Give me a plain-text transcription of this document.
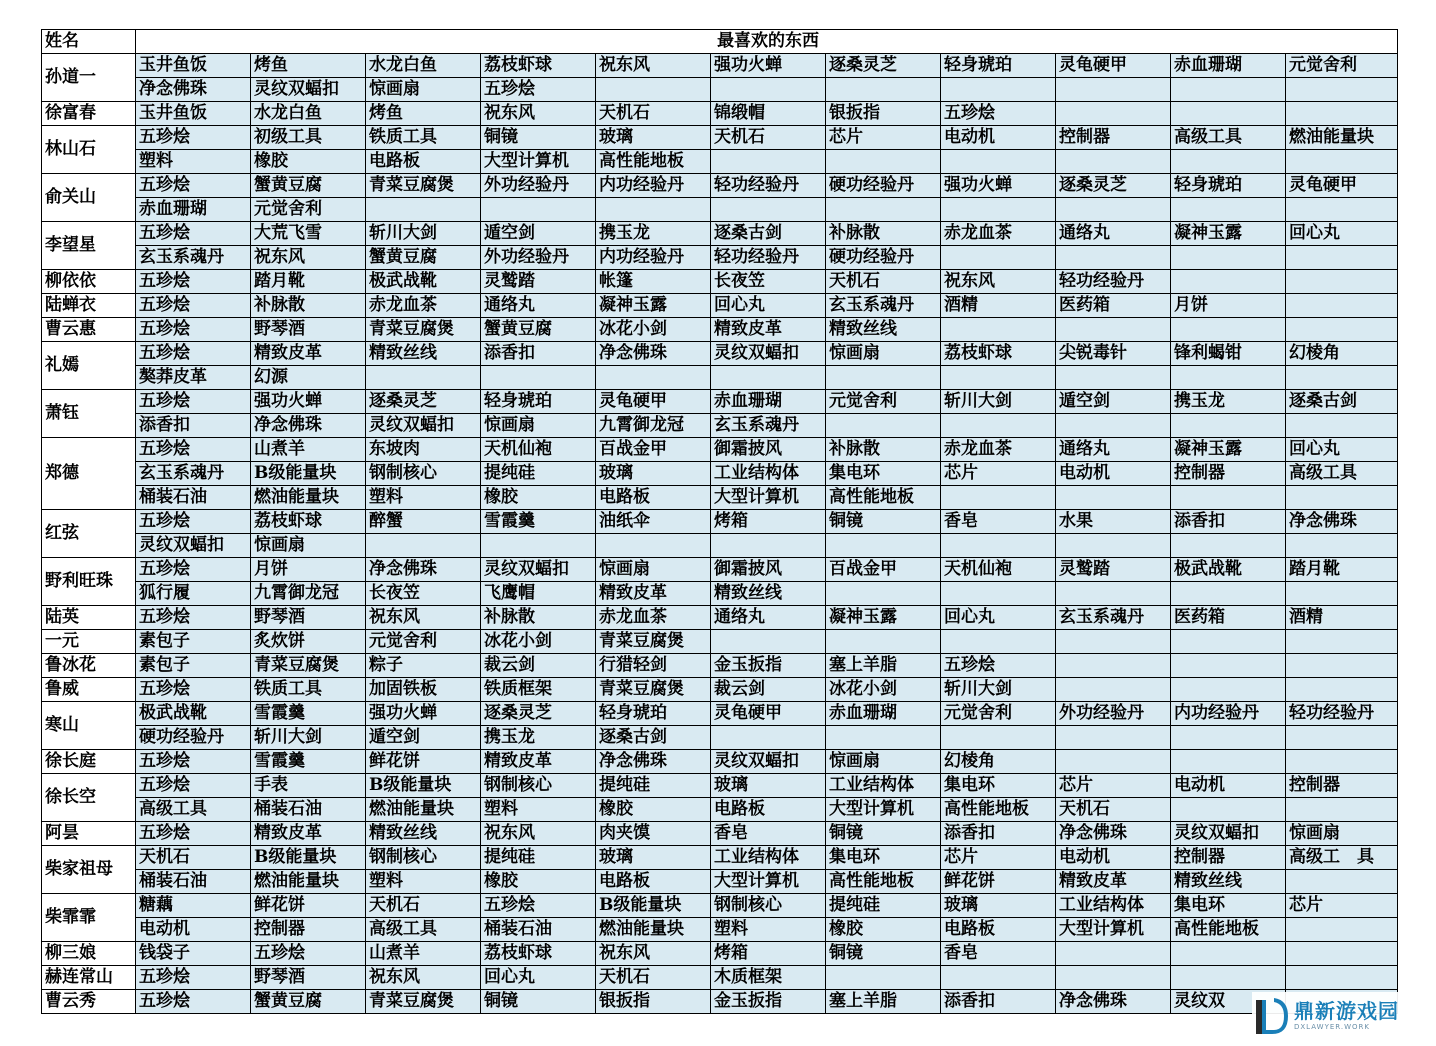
姓名	最喜欢的东西										
孙道一	玉井鱼饭	烤鱼	水龙白鱼	荔枝虾球	祝东风	强功火蝉	逐桑灵芝	轻身琥珀	灵龟硬甲	赤血珊瑚	元觉舍利
	净念佛珠	灵纹双蝠扣	惊画扇	五珍烩							
徐富春	玉井鱼饭	水龙白鱼	烤鱼	祝东风	天机石	锦缎帽	银扳指	五珍烩			
林山石	五珍烩	初级工具	铁质工具	铜镜	玻璃	天机石	芯片	电动机	控制器	高级工具	燃油能量块
	塑料	橡胶	电路板	大型计算机	高性能地板						
俞关山	五珍烩	蟹黄豆腐	青菜豆腐煲	外功经验丹	内功经验丹	轻功经验丹	硬功经验丹	强功火蝉	逐桑灵芝	轻身琥珀	灵龟硬甲
	赤血珊瑚	元觉舍利									
李望星	五珍烩	大荒飞雪	斩川大剑	遁空剑	携玉龙	逐桑古剑	补脉散	赤龙血茶	通络丸	凝神玉露	回心丸
	玄玉系魂丹	祝东风	蟹黄豆腐	外功经验丹	内功经验丹	轻功经验丹	硬功经验丹				
柳依依	五珍烩	踏月靴	极武战靴	灵鹫踏	帐篷	长夜笠	天机石	祝东风	轻功经验丹		
陆蝉衣	五珍烩	补脉散	赤龙血茶	通络丸	凝神玉露	回心丸	玄玉系魂丹	酒精	医药箱	月饼	
曹云惠	五珍烩	野琴酒	青菜豆腐煲	蟹黄豆腐	冰花小剑	精致皮革	精致丝线				
礼嫣	五珍烩	精致皮革	精致丝线	添香扣	净念佛珠	灵纹双蝠扣	惊画扇	荔枝虾球	尖锐毒针	锋利蝎钳	幻棱角
	獒莽皮革	幻源									
萧钰	五珍烩	强功火蝉	逐桑灵芝	轻身琥珀	灵龟硬甲	赤血珊瑚	元觉舍利	斩川大剑	遁空剑	携玉龙	逐桑古剑
	添香扣	净念佛珠	灵纹双蝠扣	惊画扇	九霄御龙冠	玄玉系魂丹					
郑德	五珍烩	山煮羊	东坡肉	天机仙袍	百战金甲	御霜披风	补脉散	赤龙血茶	通络丸	凝神玉露	回心丸
	玄玉系魂丹	B级能量块	钢制核心	提纯硅	玻璃	工业结构体	集电环	芯片	电动机	控制器	高级工具
	桶装石油	燃油能量块	塑料	橡胶	电路板	大型计算机	高性能地板				
红弦	五珍烩	荔枝虾球	醉蟹	雪霞羹	油纸伞	烤箱	铜镜	香皂	水果	添香扣	净念佛珠
	灵纹双蝠扣	惊画扇									
野利旺珠	五珍烩	月饼	净念佛珠	灵纹双蝠扣	惊画扇	御霜披风	百战金甲	天机仙袍	灵鹫踏	极武战靴	踏月靴
	狐行履	九霄御龙冠	长夜笠	飞鹰帽	精致皮革	精致丝线					
陆英	五珍烩	野琴酒	祝东风	补脉散	赤龙血茶	通络丸	凝神玉露	回心丸	玄玉系魂丹	医药箱	酒精
一元	素包子	炙炊饼	元觉舍利	冰花小剑	青菜豆腐煲						
鲁冰花	素包子	青菜豆腐煲	粽子	裁云剑	行猎轻剑	金玉扳指	塞上羊脂	五珍烩			
鲁威	五珍烩	铁质工具	加固铁板	铁质框架	青菜豆腐煲	裁云剑	冰花小剑	斩川大剑			
寒山	极武战靴	雪霞羹	强功火蝉	逐桑灵芝	轻身琥珀	灵龟硬甲	赤血珊瑚	元觉舍利	外功经验丹	内功经验丹	轻功经验丹
	硬功经验丹	斩川大剑	遁空剑	携玉龙	逐桑古剑						
徐长庭	五珍烩	雪霞羹	鲜花饼	精致皮革	净念佛珠	灵纹双蝠扣	惊画扇	幻棱角			
徐长空	五珍烩	手表	B级能量块	钢制核心	提纯硅	玻璃	工业结构体	集电环	芯片	电动机	控制器
	高级工具	桶装石油	燃油能量块	塑料	橡胶	电路板	大型计算机	高性能地板	天机石		
阿昙	五珍烩	精致皮革	精致丝线	祝东风	肉夹馍	香皂	铜镜	添香扣	净念佛珠	灵纹双蝠扣	惊画扇
柴家祖母	天机石	B级能量块	钢制核心	提纯硅	玻璃	工业结构体	集电环	芯片	电动机	控制器	高级工　具
	桶装石油	燃油能量块	塑料	橡胶	电路板	大型计算机	高性能地板	鲜花饼	精致皮革	精致丝线	
柴霏霏	糖藕	鲜花饼	天机石	五珍烩	B级能量块	钢制核心	提纯硅	玻璃	工业结构体	集电环	芯片
	电动机	控制器	高级工具	桶装石油	燃油能量块	塑料	橡胶	电路板	大型计算机	高性能地板	
柳三娘	钱袋子	五珍烩	山煮羊	荔枝虾球	祝东风	烤箱	铜镜	香皂			
赫连常山	五珍烩	野琴酒	祝东风	回心丸	天机石	木质框架					
曹云秀	五珍烩	蟹黄豆腐	青菜豆腐煲	铜镜	银扳指	金玉扳指	塞上羊脂	添香扣	净念佛珠	灵纹双		鼎新游戏园
DXLAWYER.WORK
